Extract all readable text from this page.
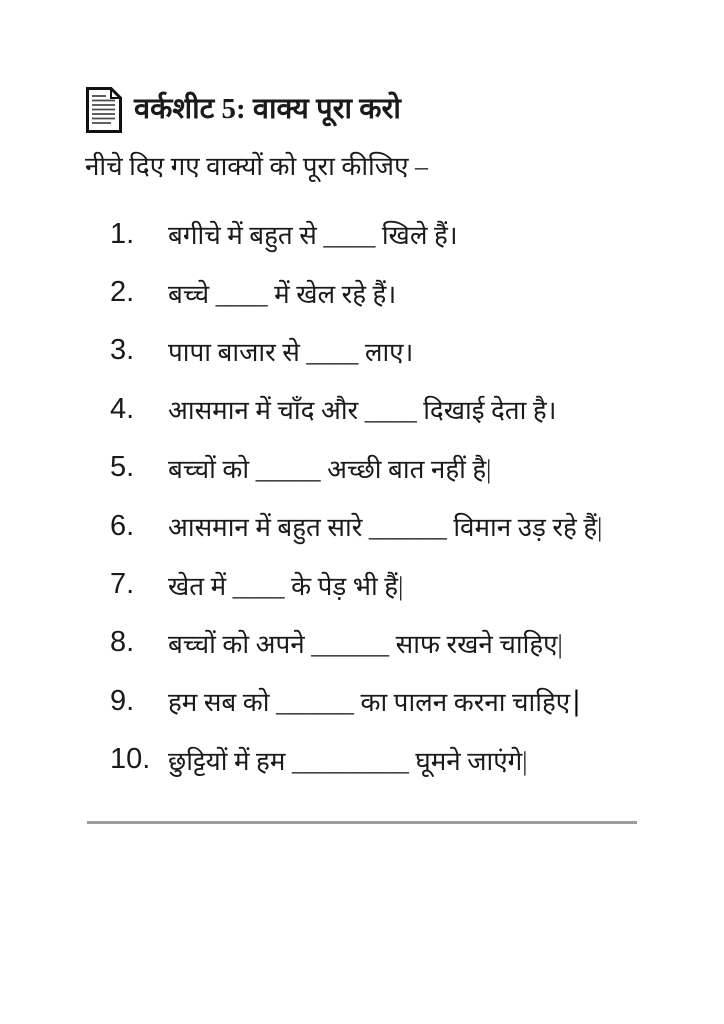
वर्कशीट 5: वाक्य पूरा करो

नीचे दिए गए वाक्यों को पूरा कीजिए –

1.	बगीचे में बहुत से ____ खिले हैं।
2.	बच्चे ____ में खेल रहे हैं।
3.	पापा बाजार से ____ लाए।
4.	आसमान में चाँद और ____ दिखाई देता है।
5.	बच्चों को _____ अच्छी बात नहीं है|
6.	आसमान में बहुत सारे ______ विमान उड़ रहे हैं|
7.	खेत में ____ के पेड़ भी हैं|
8.	बच्चों को अपने ______ साफ रखने चाहिए|
9.	हम सब को ______ का पालन करना चाहिए |
10. छुट्टियों में हम _________ घूमने जाएंगे|
